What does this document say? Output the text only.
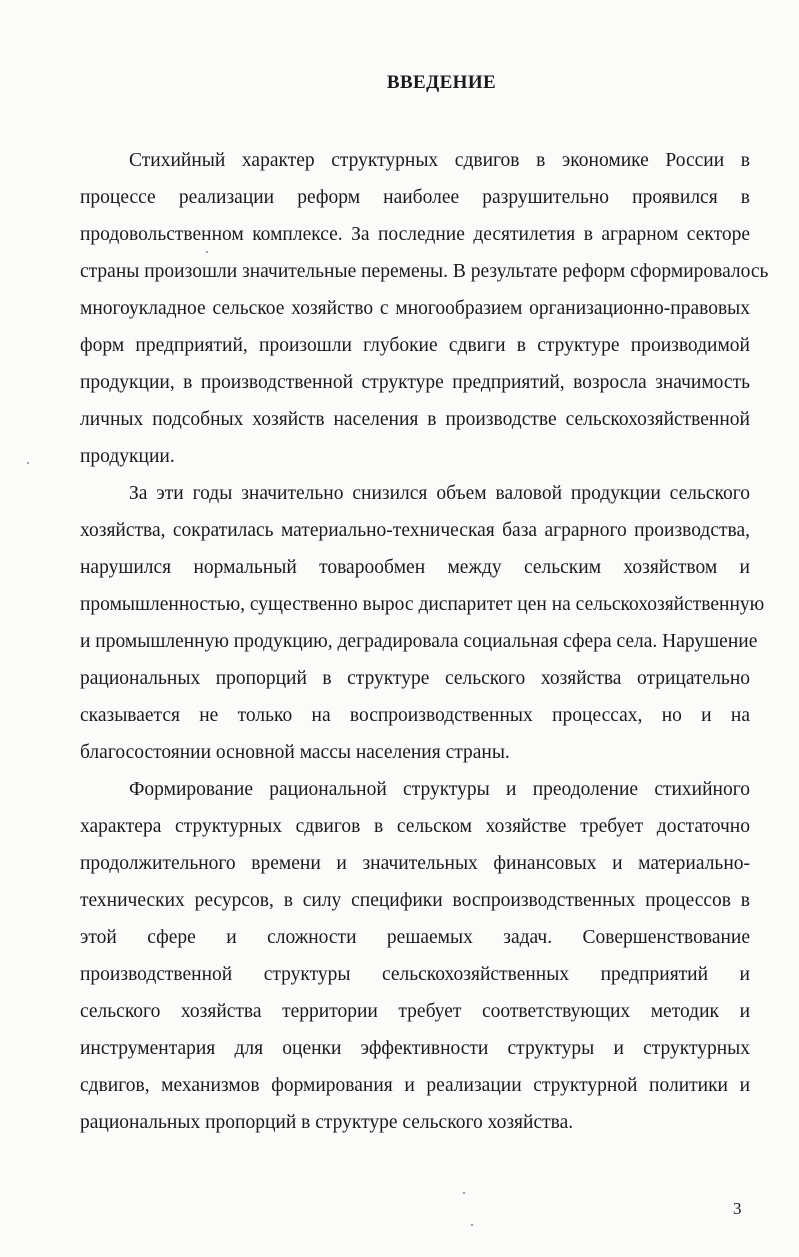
ВВЕДЕНИЕ
Стихийный характер структурных сдвигов в экономике России в
процессе реализации реформ наиболее разрушительно проявился в
продовольственном комплексе. За последние десятилетия в аграрном секторе
страны произошли значительные перемены. В результате реформ сформировалось
многоукладное сельское хозяйство с многообразием организационно-правовых
форм предприятий, произошли глубокие сдвиги в структуре производимой
продукции, в производственной структуре предприятий, возросла значимость
личных подсобных хозяйств населения в производстве сельскохозяйственной
продукции.
За эти годы значительно снизился объем валовой продукции сельского
хозяйства, сократилась материально-техническая база аграрного производства,
нарушился нормальный товарообмен между сельским хозяйством и
промышленностью, существенно вырос диспаритет цен на сельскохозяйственную
и промышленную продукцию, деградировала социальная сфера села. Нарушение
рациональных пропорций в структуре сельского хозяйства отрицательно
сказывается не только на воспроизводственных процессах, но и на
благосостоянии основной массы населения страны.
Формирование рациональной структуры и преодоление стихийного
характера структурных сдвигов в сельском хозяйстве требует достаточно
продолжительного времени и значительных финансовых и материально-
технических ресурсов, в силу специфики воспроизводственных процессов в
этой сфере и сложности решаемых задач. Совершенствование
производственной структуры сельскохозяйственных предприятий и
сельского хозяйства территории требует соответствующих методик и
инструментария для оценки эффективности структуры и структурных
сдвигов, механизмов формирования и реализации структурной политики и
рациональных пропорций в структуре сельского хозяйства.
3
